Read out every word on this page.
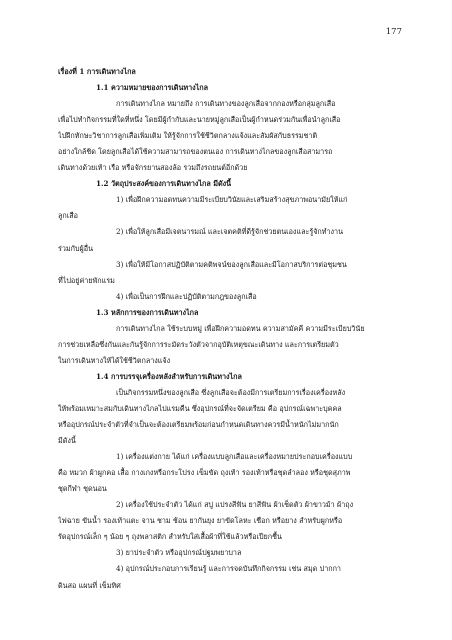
177
เรื่องที่ 1 การเดินทางไกล
1.1 ความหมายของการเดินทางไกล
การเดินทางไกล หมายถึง การเดินทางของลูกเสือจากกองหรือกลุ่มลูกเสือ
เพื่อไปทำกิจกรรมที่ใดที่หนึ่ง โดยมีผู้กำกับและนายหมู่ลูกเสือเป็นผู้กำหนดร่วมกันเพื่อนำลูกเสือ
ไปฝึกทักษะวิชาการลูกเสือเพิ่มเติม ให้รู้จักการใช้ชีวิตกลางแจ้งและสัมผัสกับธรรมชาติ
อย่างใกล้ชิด โดยลูกเสือได้ใช้ความสามารถของตนเอง การเดินทางไกลของลูกเสือสามารถ
เดินทางด้วยเท้า เรือ หรือจักรยานสองล้อ รวมถึงรถยนต์อีกด้วย
1.2 วัตถุประสงค์ของการเดินทางไกล มีดังนี้
1) เพื่อฝึกความอดทนความมีระเบียบวินัยและเสริมสร้างสุขภาพอนามัยให้แก่
ลูกเสือ
2) เพื่อให้ลูกเสือมีเจตนารมณ์ และเจตคติที่ดีรู้จักช่วยตนเองและรู้จักทำงาน
ร่วมกับผู้อื่น
3) เพื่อให้มีโอกาสปฏิบัติตามคติพจน์ของลูกเสือและมีโอกาสบริการต่อชุมชน
ที่ไปอยู่ค่ายพักแรม
4) เพื่อเป็นการฝึกและปฏิบัติตามกฎของลูกเสือ
1.3 หลักการของการเดินทางไกล
การเดินทางไกล ใช้ระบบหมู่ เพื่อฝึกความอดทน ความสามัคคี ความมีระเบียบวินัย
การช่วยเหลือซึ่งกันและกันรู้จักการระมัดระวังตัวจากอุบัติเหตุขณะเดินทาง และการเตรียมตัว
ในการเดินทางให้ได้ใช้ชีวิตกลางแจ้ง
1.4 การบรรจุเครื่องหลังสำหรับการเดินทางไกล
เป็นกิจกรรมหนึ่งของลูกเสือ ซึ่งลูกเสือจะต้องมีการเตรียมการเรื่องเครื่องหลัง
ให้พร้อมเหมาะสมกับเดินทางไกลไปแรมคืน ซึ่งอุปกรณ์ที่จะจัดเตรียม คือ อุปกรณ์เฉพาะบุคคล
หรืออุปกรณ์ประจำตัวที่จำเป็นจะต้องเตรียมพร้อมก่อนกำหนดเดินทางควรมีน้ำหนักไม่มากนัก
มีดังนี้
1) เครื่องแต่งกาย ได้แก่ เครื่องแบบลูกเสือและเครื่องหมายประกอบเครื่องแบบ
คือ หมวก ผ้าผูกคอ เสื้อ กางเกงหรือกระโปรง เข็มขัด ถุงเท้า รองเท้าหรือชุดลำลอง หรือชุดสุภาพ
ชุดกีฬา ชุดนอน
2) เครื่องใช้ประจำตัว ได้แก่ สบู่ แปรงสีฟัน ยาสีฟัน ผ้าเช็ดตัว ผ้าขาวม้า ผ้าถุง
ไฟฉาย ขันน้ำ รองเท้าแตะ จาน ชาม ช้อน ยากันยุง ยาขัดโลหะ เชือก หรือยาง สำหรับผูกหรือ
รัดอุปกรณ์เล็ก ๆ น้อย ๆ ถุงพลาสติก สำหรับใส่เสื้อผ้าที่ใช้แล้วหรือเปียกชื้น
3) ยาประจำตัว หรืออุปกรณ์ปฐมพยาบาล
4) อุปกรณ์ประกอบการเรียนรู้ และการจดบันทึกกิจกรรม เช่น สมุด ปากกา
ดินสอ แผนที่ เข็มทิศ
